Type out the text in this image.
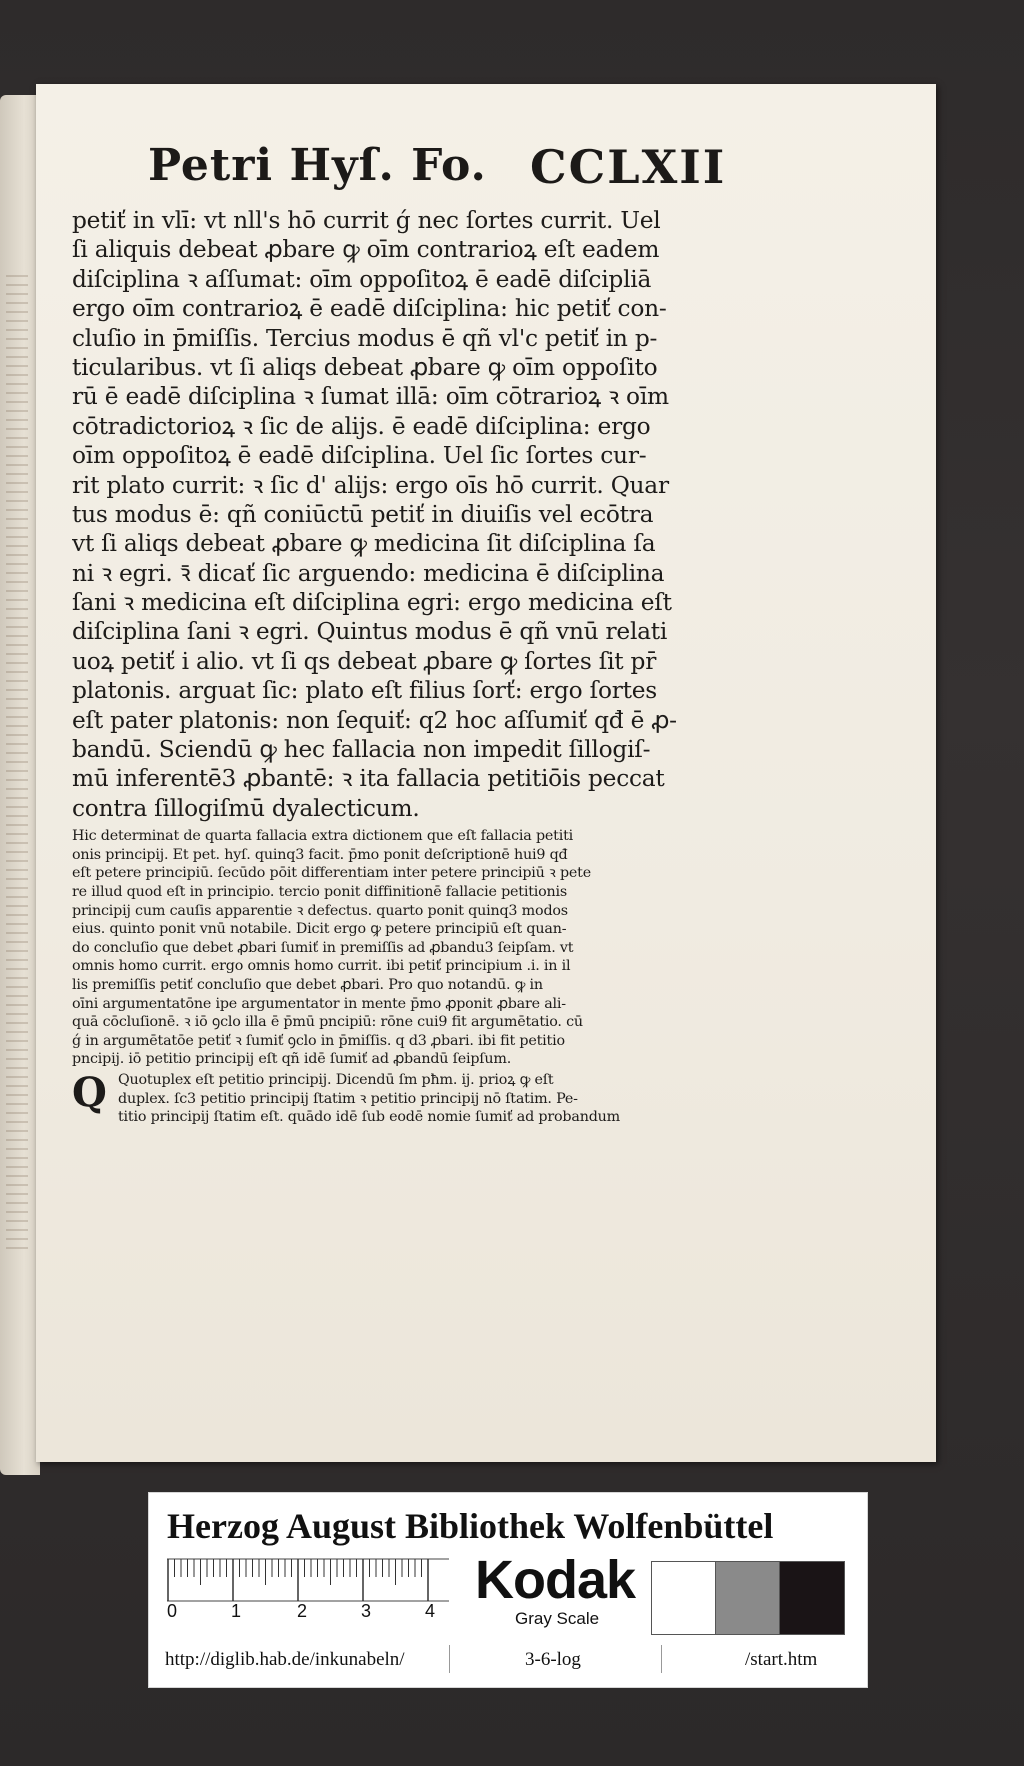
Petri Hyſ. Fo. CCLXII
petiť in vlī: vt nll's hō currit ǵ nec ſortes currit. Uel
ſi aliquis debeat ꝓbare ꝙ oīm contrarioꝝ eſt eadem
diſciplina ꝛ aſſumat: oīm oppoſitoꝝ ē eadē diſcipliā
ergo oīm contrarioꝝ ē eadē diſciplina: hic petiť con-
cluſio in p̄miſſis. Tercius modus ē qñ vl'c petiť in p-
ticularibus. vt ſi aliqs debeat ꝓbare ꝙ oīm oppoſito
rū ē eadē diſciplina ꝛ ſumat illā: oīm cōtrarioꝝ ꝛ oīm
cōtradictorioꝝ ꝛ ſic de alijs. ē eadē diſciplina: ergo
oīm oppoſitoꝝ ē eadē diſciplina. Uel ſic ſortes cur-
rit plato currit: ꝛ ſic d' alijs: ergo oīs hō currit. Quar
tus modus ē: qñ coniūctū petiť in diuiſis vel ecōtra
vt ſi aliqs debeat ꝓbare ꝙ medicina ſit diſciplina ſa
ni ꝛ egri. ꝛ̄ dicať ſic arguendo: medicina ē diſciplina
ſani ꝛ medicina eſt diſciplina egri: ergo medicina eſt
diſciplina ſani ꝛ egri. Quintus modus ē qñ vnū relati
uoꝝ petiť i alio. vt ſi qs debeat ꝓbare ꝙ ſortes ſit pr̄
platonis. arguat ſic: plato eſt filius ſorť: ergo ſortes
eſt pater platonis: non ſequiť: q2 hoc aſſumiť qđ ē ꝓ-
bandū. Sciendū ꝙ hec fallacia non impedit ſillogiſ-
mū inferentē3 ꝓbantē: ꝛ ita fallacia petitiōis peccat
contra ſillogiſmū dyalecticum.
Hic determinat de quarta fallacia extra dictionem que eſt fallacia petiti
onis principij. Et pet. hyſ. quinq3 facit. p̄mo ponit deſcriptionē hui9 qđ
eſt petere principiū. ſecūdo pōit differentiam inter petere principiū ꝛ pete
re illud quod eſt in principio. tercio ponit diffinitionē fallacie petitionis
principij cum cauſis apparentie ꝛ defectus. quarto ponit quinq3 modos
eius. quinto ponit vnū notabile. Dicit ergo ꝙ petere principiū eſt quan-
do concluſio que debet ꝓbari ſumiť in premiſſis ad ꝓbandu3 ſeipſam. vt
omnis homo currit. ergo omnis homo currit. ibi petiť principium .i. in il
lis premiſſis petiť concluſio que debet ꝓbari. Pro quo notandū. ꝙ in
oīni argumentatōne ipe argumentator in mente p̄mo ꝓponit ꝓbare ali-
quā cōcluſionē. ꝛ iō ꝯclo illa ē p̄mū pncipiū: rōne cui9 fit argumētatio. cū
ǵ in argumētatōe petiť ꝛ ſumiť ꝯclo in p̄miſſis. q d3 ꝓbari. ibi fit petitio
pncipij. iō petitio principij eſt qñ idē ſumiť ad ꝓbandū ſeipſum.
Q Quotuplex eſt petitio principij. Dicendū ſm pħm. ij. prioꝝ ꝙ eſt
duplex. ſc3 petitio principij ſtatim ꝛ petitio principij nō ſtatim. Pe-
titio principij ſtatim eſt. quādo idē ſub eodē nomie ſumiť ad probandum
Herzog August Bibliothek Wolfenbüttel
0	1	2	3	4
Kodak
Gray Scale
http://diglib.hab.de/inkunabeln/	3-6-log	/start.htm
